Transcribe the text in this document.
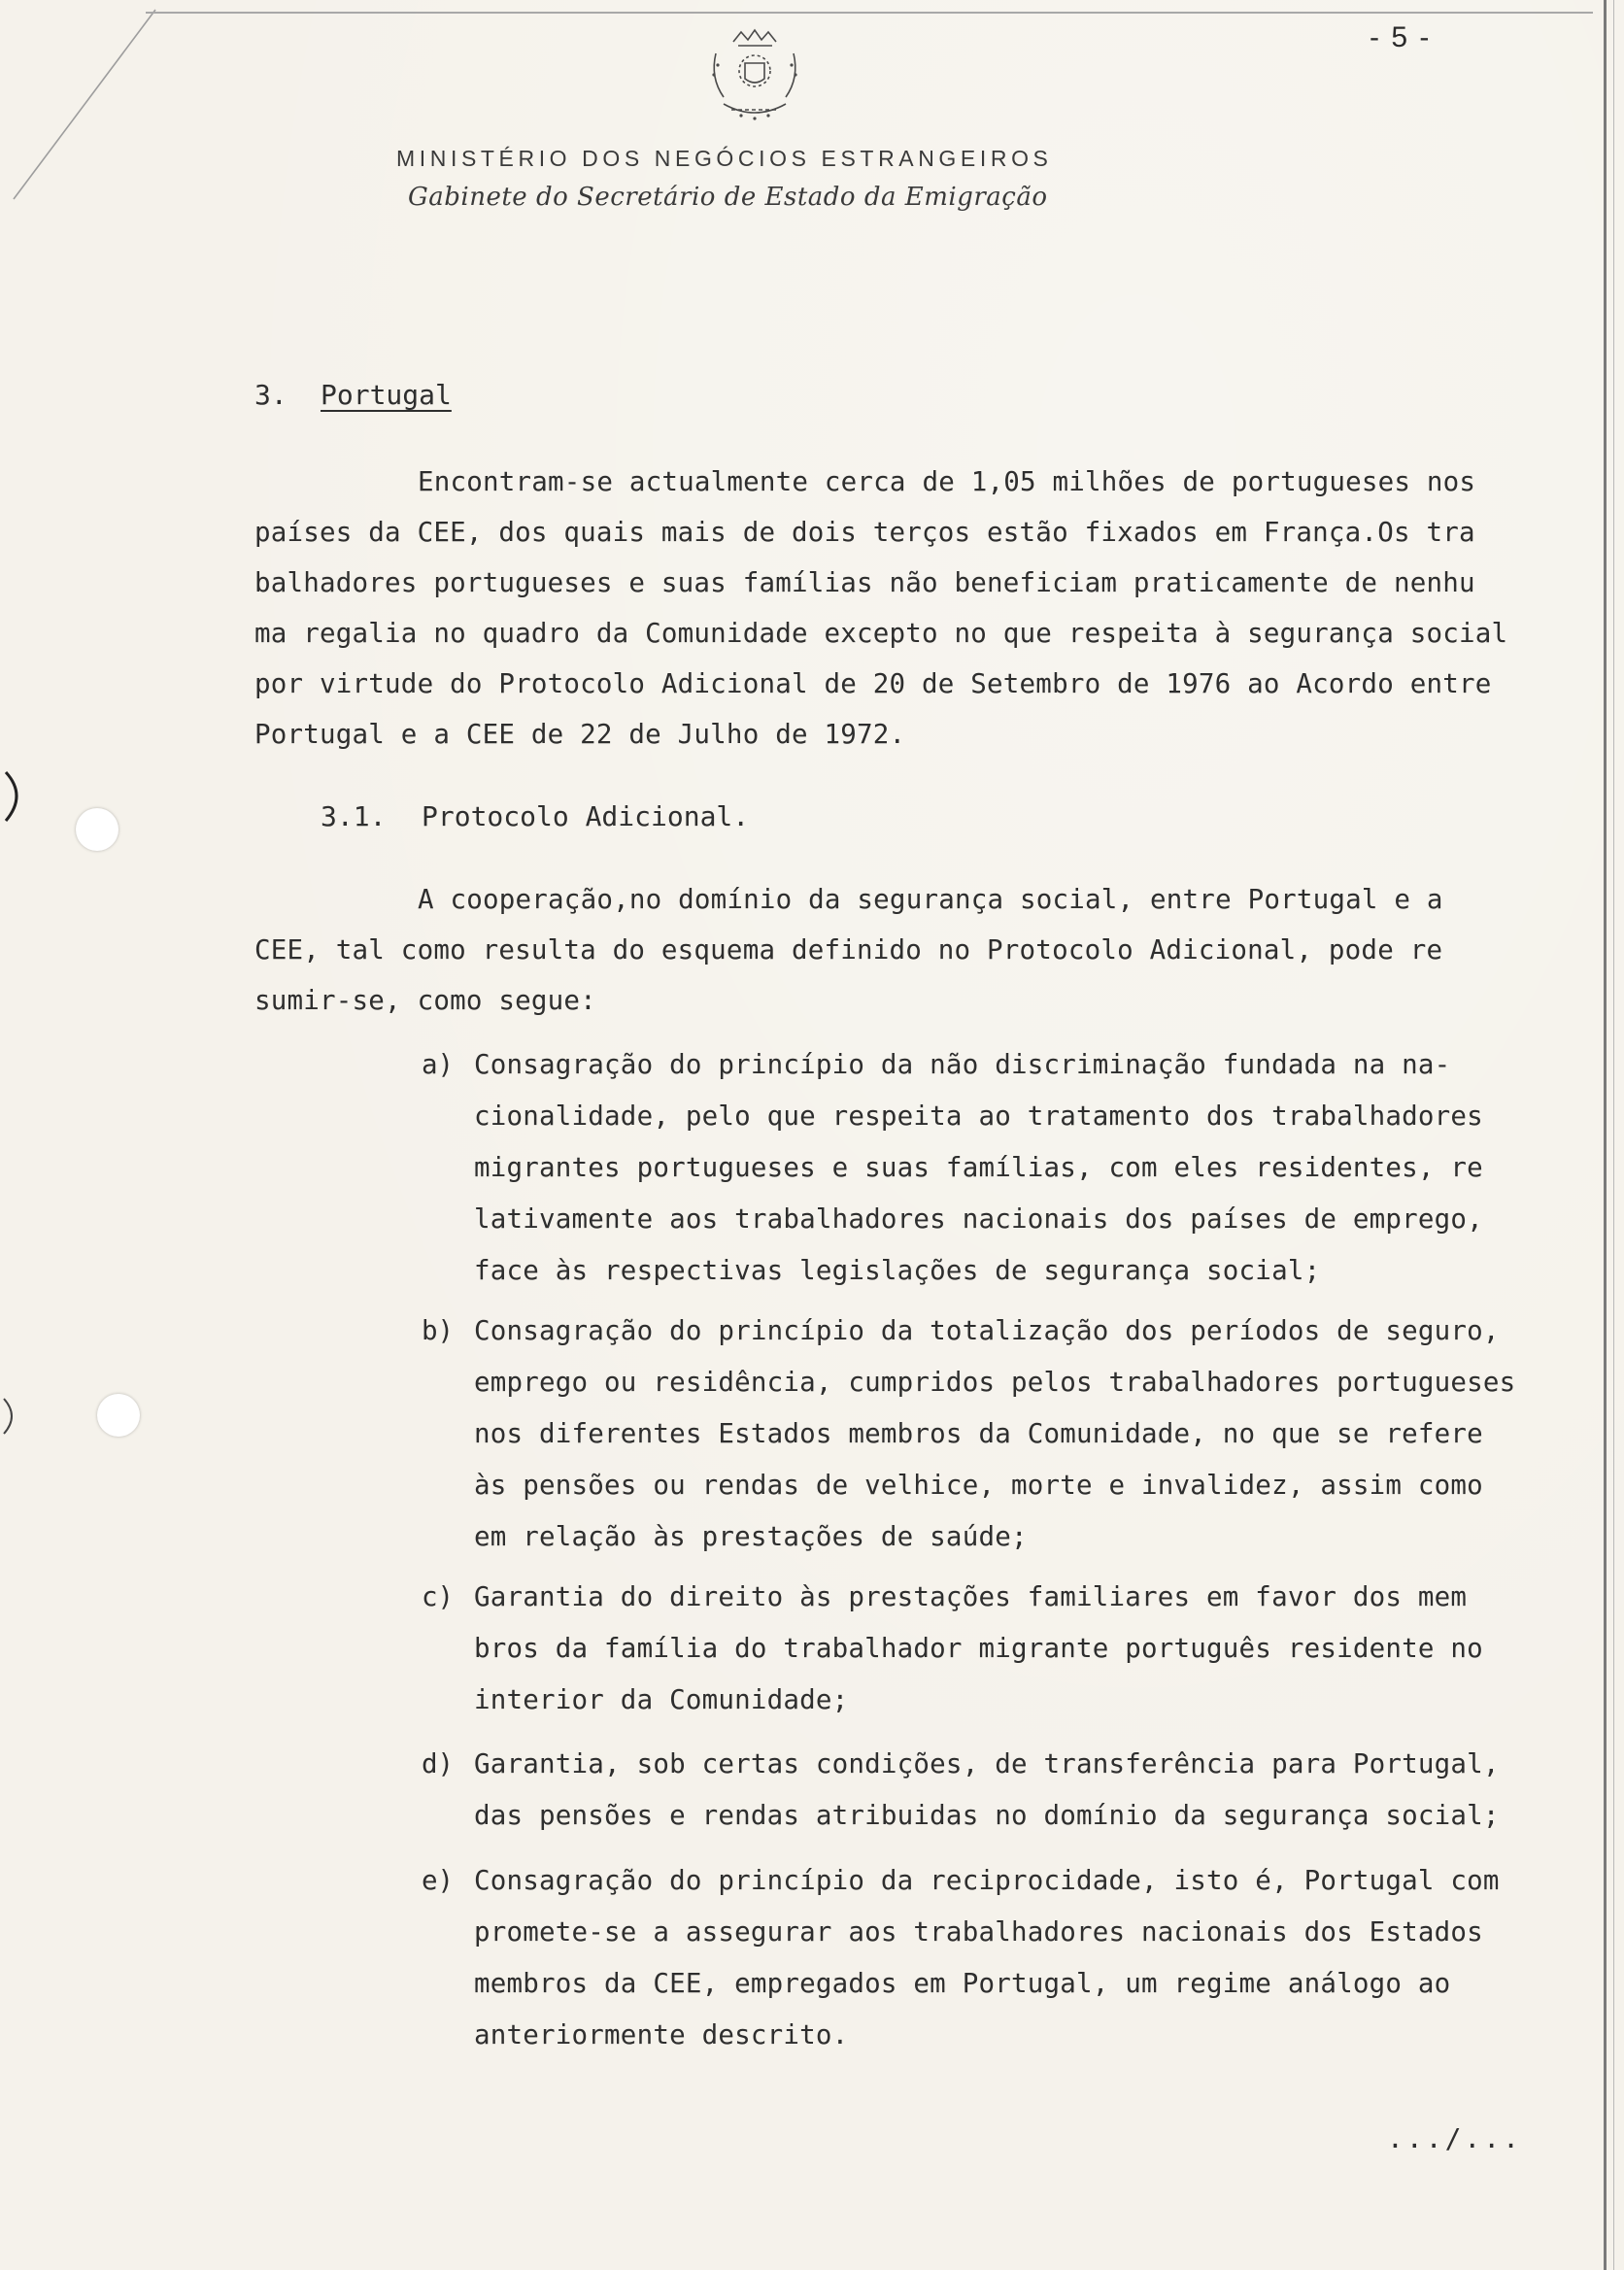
- 5 -
MINISTÉRIO DOS NEGÓCIOS ESTRANGEIROS
Gabinete do Secretário de Estado da Emigração
3. Portugal
Encontram-se actualmente cerca de 1,05 milhões de portugueses nos
países da CEE, dos quais mais de dois terços estão fixados em França.Os tra
balhadores portugueses e suas famílias não beneficiam praticamente de nenhu
ma regalia no quadro da Comunidade excepto no que respeita à segurança social
por virtude do Protocolo Adicional de 20 de Setembro de 1976 ao Acordo entre
Portugal e a CEE de 22 de Julho de 1972.
3.1. Protocolo Adicional.
A cooperação,no domínio da segurança social, entre Portugal e a
CEE, tal como resulta do esquema definido no Protocolo Adicional, pode re
sumir-se, como segue:
a) Consagração do princípio da não discriminação fundada na na-
cionalidade, pelo que respeita ao tratamento dos trabalhadores
migrantes portugueses e suas famílias, com eles residentes, re
lativamente aos trabalhadores nacionais dos países de emprego,
face às respectivas legislações de segurança social;
b) Consagração do princípio da totalização dos períodos de seguro,
emprego ou residência, cumpridos pelos trabalhadores portugueses
nos diferentes Estados membros da Comunidade, no que se refere
às pensões ou rendas de velhice, morte e invalidez, assim como
em relação às prestações de saúde;
c) Garantia do direito às prestações familiares em favor dos mem
bros da família do trabalhador migrante português residente no
interior da Comunidade;
d) Garantia, sob certas condições, de transferência para Portugal,
das pensões e rendas atribuidas no domínio da segurança social;
e) Consagração do princípio da reciprocidade, isto é, Portugal com
promete-se a assegurar aos trabalhadores nacionais dos Estados
membros da CEE, empregados em Portugal, um regime análogo ao
anteriormente descrito.
.../...
